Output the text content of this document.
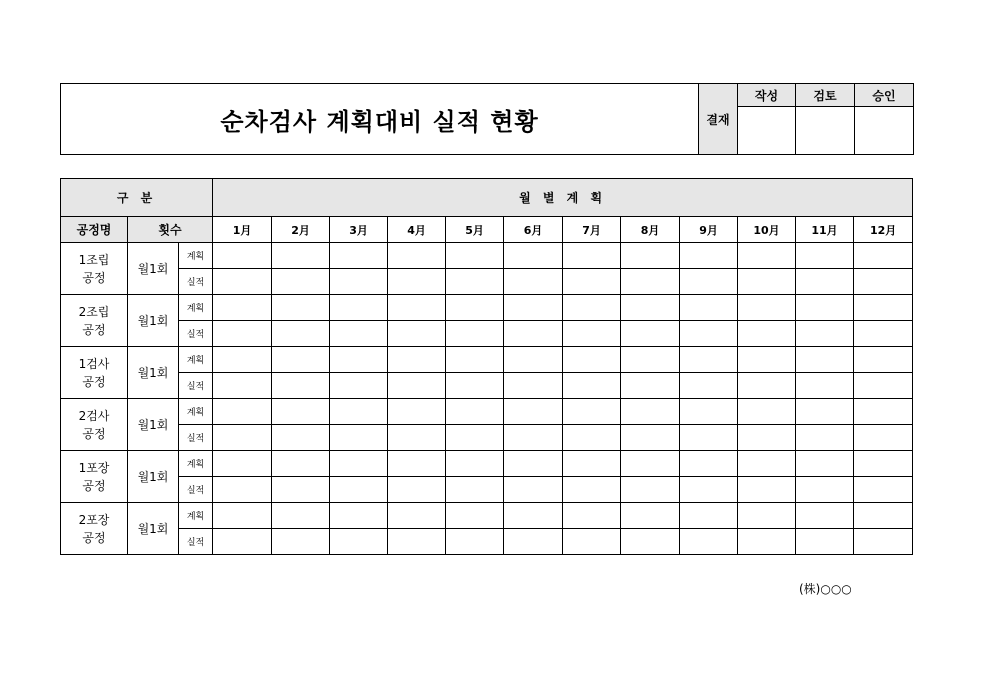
순차검사 계획대비 실적 현황	결재	작성	검토	승인

구 분			월 별 계 획											
공정명	횟수		1月	2月	3月	4月	5月	6月	7月	8月	9月	10月	11月	12月

1조립
공정	월1회	계획												
		실적												

2조립
공정	월1회	계획												
		실적												

1검사
공정	월1회	계획												
		실적												

2검사
공정	월1회	계획												
		실적												

1포장
공정	월1회	계획												
		실적												

2포장
공정	월1회	계획												
		실적												
(株)○○○
